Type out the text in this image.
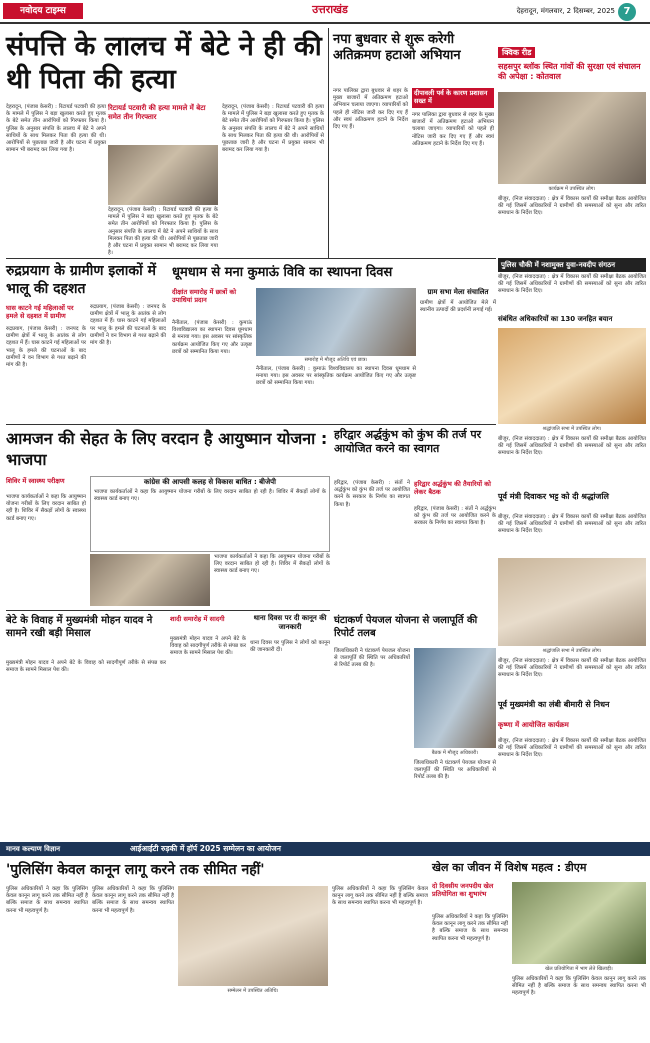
नवोदय टाइम्स	उत्तराखंड	देहरादून, मंगलवार, 2 दिसम्बर, 2025 7
संपत्ति के लालच में बेटे ने ही की थी पिता की हत्या
देहरादून, (पंजाब केसरी) : रिटायर्ड पटवारी की हत्या के मामले में पुलिस ने बड़ा खुलासा करते हुए मृतक के बेटे समेत तीन आरोपियों को गिरफ्तार किया है। पुलिस के अनुसार संपत्ति के लालच में बेटे ने अपने साथियों के साथ मिलकर पिता की हत्या की थी। आरोपियों से पूछताछ जारी है और घटना में प्रयुक्त सामान भी बरामद कर लिया गया है।
रिटायर्ड पटवारी की हत्या मामले में बेटा समेत तीन गिरफ्तार
देहरादून, (पंजाब केसरी) : रिटायर्ड पटवारी की हत्या के मामले में पुलिस ने बड़ा खुलासा करते हुए मृतक के बेटे समेत तीन आरोपियों को गिरफ्तार किया है। पुलिस के अनुसार संपत्ति के लालच में बेटे ने अपने साथियों के साथ मिलकर पिता की हत्या की थी। आरोपियों से पूछताछ जारी है और घटना में प्रयुक्त सामान भी बरामद कर लिया गया है।
देहरादून, (पंजाब केसरी) : रिटायर्ड पटवारी की हत्या के मामले में पुलिस ने बड़ा खुलासा करते हुए मृतक के बेटे समेत तीन आरोपियों को गिरफ्तार किया है। पुलिस के अनुसार संपत्ति के लालच में बेटे ने अपने साथियों के साथ मिलकर पिता की हत्या की थी। आरोपियों से पूछताछ जारी है और घटना में प्रयुक्त सामान भी बरामद कर लिया गया है।
नपा बुधवार से शुरू करेगी अतिक्रमण हटाओ अभियान
नगर पालिका द्वारा बुधवार से शहर के मुख्य बाजारों में अतिक्रमण हटाओ अभियान चलाया जाएगा। व्यापारियों को पहले ही नोटिस जारी कर दिए गए हैं और स्वयं अतिक्रमण हटाने के निर्देश दिए गए हैं।
दीपावली पर्व के कारण प्रशासन सख्त में
नगर पालिका द्वारा बुधवार से शहर के मुख्य बाजारों में अतिक्रमण हटाओ अभियान चलाया जाएगा। व्यापारियों को पहले ही नोटिस जारी कर दिए गए हैं और स्वयं अतिक्रमण हटाने के निर्देश दिए गए हैं।
क्विक रीड
सहसपुर ब्लॉक स्थित गांवों की सुरक्षा एवं संचालन की अपेक्षा : कोतवाल
कार्यक्रम में उपस्थित लोग।
बीजुर, (निज संवाददाता) : क्षेत्र में विकास कार्यों की समीक्षा बैठक आयोजित की गई जिसमें अधिकारियों ने ग्रामीणों की समस्याओं को सुना और त्वरित समाधान के निर्देश दिए।
रुद्रप्रयाग के ग्रामीण इलाकों में भालू की दहशत
घास काटने गई महिलाओं पर हमले से दहशत में ग्रामीण
रुद्रप्रयाग, (पंजाब केसरी) : जनपद के ग्रामीण क्षेत्रों में भालू के आतंक से लोग दहशत में हैं। घास काटने गई महिलाओं पर भालू के हमले की घटनाओं के बाद ग्रामीणों ने वन विभाग से गश्त बढ़ाने की मांग की है।
रुद्रप्रयाग, (पंजाब केसरी) : जनपद के ग्रामीण क्षेत्रों में भालू के आतंक से लोग दहशत में हैं। घास काटने गई महिलाओं पर भालू के हमले की घटनाओं के बाद ग्रामीणों ने वन विभाग से गश्त बढ़ाने की मांग की है।
धूमधाम से मना कुमाऊं विवि का स्थापना दिवस
दीक्षांत समारोह में छात्रों को उपाधियां प्रदान
नैनीताल, (पंजाब केसरी) : कुमाऊं विश्वविद्यालय का स्थापना दिवस धूमधाम से मनाया गया। इस अवसर पर सांस्कृतिक कार्यक्रम आयोजित किए गए और उत्कृष्ट छात्रों को सम्मानित किया गया।
समारोह में मौजूद अतिथि एवं छात्र।
नैनीताल, (पंजाब केसरी) : कुमाऊं विश्वविद्यालय का स्थापना दिवस धूमधाम से मनाया गया। इस अवसर पर सांस्कृतिक कार्यक्रम आयोजित किए गए और उत्कृष्ट छात्रों को सम्मानित किया गया।
ग्राम सभा मेला संचालित
ग्रामीण क्षेत्रों में आयोजित मेले में स्थानीय उत्पादों की प्रदर्शनी लगाई गई।
पुलिस चौकी में नशामुक्त युवा-नवदीप संगठन
बीजुर, (निज संवाददाता) : क्षेत्र में विकास कार्यों की समीक्षा बैठक आयोजित की गई जिसमें अधिकारियों ने ग्रामीणों की समस्याओं को सुना और त्वरित समाधान के निर्देश दिए।
संबंधित अधिकारियों का 130 जनहित बयान
श्रद्धांजलि सभा में उपस्थित लोग।
बीजुर, (निज संवाददाता) : क्षेत्र में विकास कार्यों की समीक्षा बैठक आयोजित की गई जिसमें अधिकारियों ने ग्रामीणों की समस्याओं को सुना और त्वरित समाधान के निर्देश दिए।
पूर्व मंत्री दिवाकर भट्ट को दी श्रद्धांजलि
बीजुर, (निज संवाददाता) : क्षेत्र में विकास कार्यों की समीक्षा बैठक आयोजित की गई जिसमें अधिकारियों ने ग्रामीणों की समस्याओं को सुना और त्वरित समाधान के निर्देश दिए।
श्रद्धांजलि सभा में उपस्थित लोग।
बीजुर, (निज संवाददाता) : क्षेत्र में विकास कार्यों की समीक्षा बैठक आयोजित की गई जिसमें अधिकारियों ने ग्रामीणों की समस्याओं को सुना और त्वरित समाधान के निर्देश दिए।
पूर्व मुख्यमंत्री का लंबी बीमारी से निधन
कृष्णा में आयोजित कार्यक्रम
बीजुर, (निज संवाददाता) : क्षेत्र में विकास कार्यों की समीक्षा बैठक आयोजित की गई जिसमें अधिकारियों ने ग्रामीणों की समस्याओं को सुना और त्वरित समाधान के निर्देश दिए।
आमजन की सेहत के लिए वरदान है आयुष्मान योजना : भाजपा
शिविर में स्वास्थ्य परीक्षण
भाजपा कार्यकर्ताओं ने कहा कि आयुष्मान योजना गरीबों के लिए वरदान साबित हो रही है। शिविर में सैकड़ों लोगों के स्वास्थ्य कार्ड बनाए गए।
कांग्रेस की आपसी कलह से विकास बाधित : बीजेपी
भाजपा कार्यकर्ताओं ने कहा कि आयुष्मान योजना गरीबों के लिए वरदान साबित हो रही है। शिविर में सैकड़ों लोगों के स्वास्थ्य कार्ड बनाए गए।
भाजपा कार्यकर्ताओं ने कहा कि आयुष्मान योजना गरीबों के लिए वरदान साबित हो रही है। शिविर में सैकड़ों लोगों के स्वास्थ्य कार्ड बनाए गए।
हरिद्वार अर्द्धकुंभ को कुंभ की तर्ज पर आयोजित करने का स्वागत
हरिद्वार अर्द्धकुंभ की तैयारियों को लेकर बैठक
हरिद्वार, (पंजाब केसरी) : संतों ने अर्द्धकुंभ को कुंभ की तर्ज पर आयोजित करने के सरकार के निर्णय का स्वागत किया है।
हरिद्वार, (पंजाब केसरी) : संतों ने अर्द्धकुंभ को कुंभ की तर्ज पर आयोजित करने के सरकार के निर्णय का स्वागत किया है।
बेटे के विवाह में मुख्यमंत्री मोहन यादव ने सामने रखी बड़ी मिसाल
मुख्यमंत्री मोहन यादव ने अपने बेटे के विवाह को सादगीपूर्ण तरीके से संपन्न कर समाज के सामने मिसाल पेश की।
शादी समारोह में सादगी
मुख्यमंत्री मोहन यादव ने अपने बेटे के विवाह को सादगीपूर्ण तरीके से संपन्न कर समाज के सामने मिसाल पेश की।
थाना दिवस पर दी कानून की जानकारी
थाना दिवस पर पुलिस ने लोगों को कानून की जानकारी दी।
घंटाकर्ण पेयजल योजना से जलापूर्ति की रिपोर्ट तलब
जिलाधिकारी ने घंटाकर्ण पेयजल योजना से जलापूर्ति की स्थिति पर अधिकारियों से रिपोर्ट तलब की है।
बैठक में मौजूद अधिकारी।
जिलाधिकारी ने घंटाकर्ण पेयजल योजना से जलापूर्ति की स्थिति पर अधिकारियों से रिपोर्ट तलब की है।
मानव कल्याण विज्ञान	आईआईटी रुड़की में हॉर्प 2025 सम्मेलन का आयोजन
'पुलिसिंग केवल कानून लागू करने तक सीमित नहीं'
पुलिस अधिकारियों ने कहा कि पुलिसिंग केवल कानून लागू करने तक सीमित नहीं है बल्कि समाज के साथ समन्वय स्थापित करना भी महत्वपूर्ण है।
पुलिस अधिकारियों ने कहा कि पुलिसिंग केवल कानून लागू करने तक सीमित नहीं है बल्कि समाज के साथ समन्वय स्थापित करना भी महत्वपूर्ण है।
सम्मेलन में उपस्थित अतिथि।
पुलिस अधिकारियों ने कहा कि पुलिसिंग केवल कानून लागू करने तक सीमित नहीं है बल्कि समाज के साथ समन्वय स्थापित करना भी महत्वपूर्ण है।
खेल का जीवन में विशेष महत्व : डीएम
दो दिवसीय जनपदीय खेल प्रतियोगिता का शुभारंभ
पुलिस अधिकारियों ने कहा कि पुलिसिंग केवल कानून लागू करने तक सीमित नहीं है बल्कि समाज के साथ समन्वय स्थापित करना भी महत्वपूर्ण है।
खेल प्रतियोगिता में भाग लेते खिलाड़ी।
पुलिस अधिकारियों ने कहा कि पुलिसिंग केवल कानून लागू करने तक सीमित नहीं है बल्कि समाज के साथ समन्वय स्थापित करना भी महत्वपूर्ण है।
